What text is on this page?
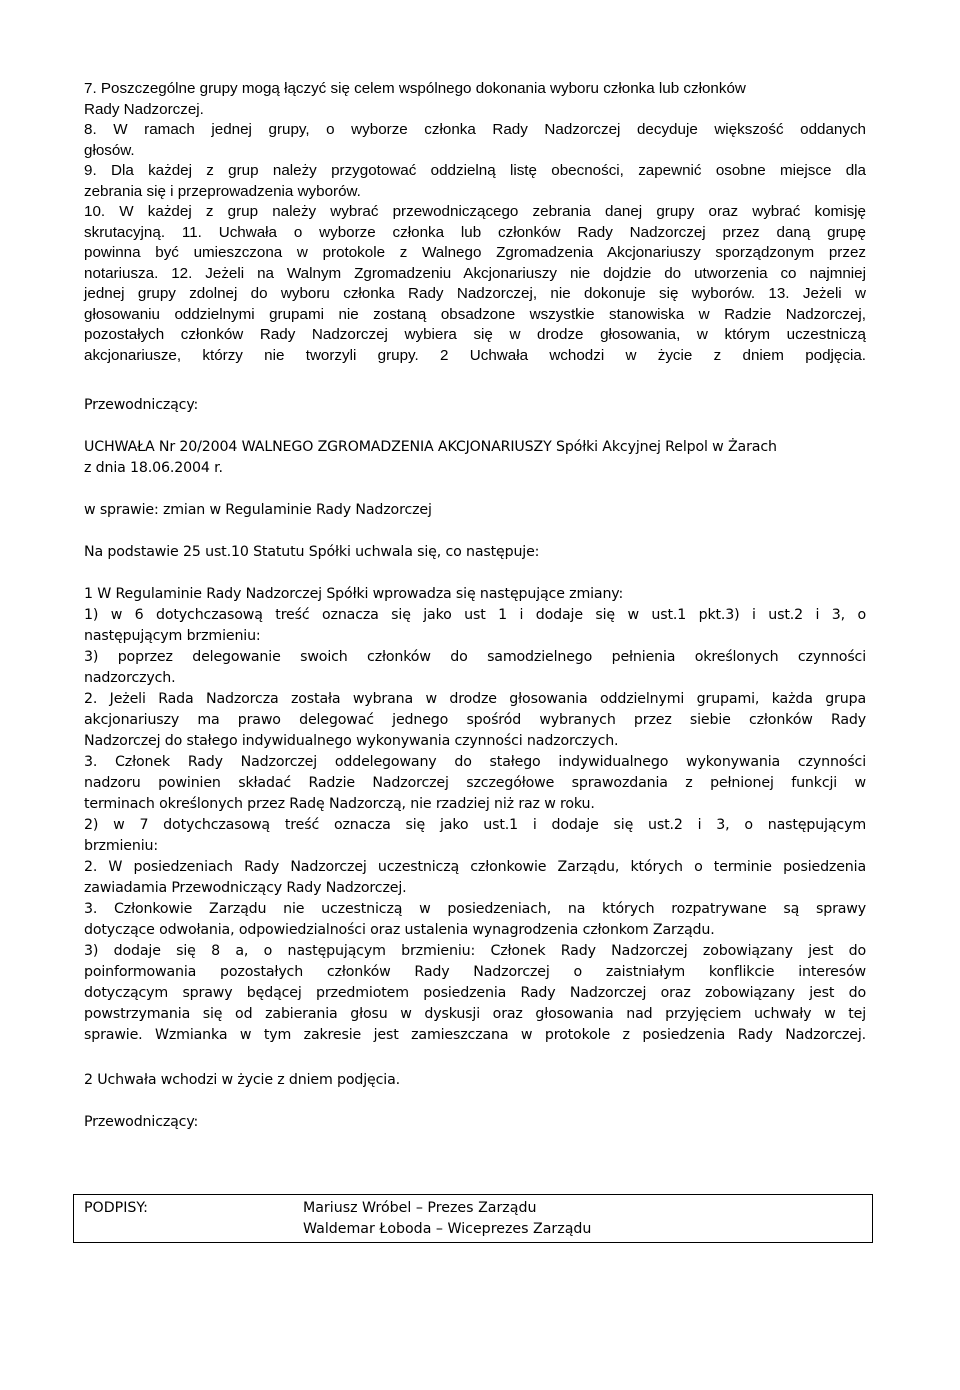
7. Poszczególne grupy mogą łączyć się celem wspólnego dokonania wyboru członka lub członków
Rady Nadzorczej.
8. W ramach jednej grupy, o wyborze członka Rady Nadzorczej decyduje większość oddanych
głosów.
9. Dla każdej z grup należy przygotować oddzielną listę obecności, zapewnić osobne miejsce dla
zebrania się i przeprowadzenia wyborów.
10. W każdej z grup należy wybrać przewodniczącego zebrania danej grupy oraz wybrać komisję
skrutacyjną. 11. Uchwała o wyborze członka lub członków Rady Nadzorczej przez daną grupę
powinna być umieszczona w protokole z Walnego Zgromadzenia Akcjonariuszy sporządzonym przez
notariusza. 12. Jeżeli na Walnym Zgromadzeniu Akcjonariuszy nie dojdzie do utworzenia co najmniej
jednej grupy zdolnej do wyboru członka Rady Nadzorczej, nie dokonuje się wyborów. 13. Jeżeli w
głosowaniu oddzielnymi grupami nie zostaną obsadzone wszystkie stanowiska w Radzie Nadzorczej,
pozostałych członków Rady Nadzorczej wybiera się w drodze głosowania, w którym uczestniczą
akcjonariusze, którzy nie tworzyli grupy. 2 Uchwała wchodzi w życie z dniem podjęcia.
Przewodniczący:
UCHWAŁA Nr 20/2004 WALNEGO ZGROMADZENIA AKCJONARIUSZY Spółki Akcyjnej Relpol w Żarach
z dnia 18.06.2004 r.
w sprawie: zmian w Regulaminie Rady Nadzorczej
Na podstawie 25 ust.10 Statutu Spółki uchwala się, co następuje:
1 W Regulaminie Rady Nadzorczej Spółki wprowadza się następujące zmiany:
1) w 6 dotychczasową treść oznacza się jako ust 1 i dodaje się w ust.1 pkt.3) i ust.2 i 3, o
następującym brzmieniu:
3) poprzez delegowanie swoich członków do samodzielnego pełnienia określonych czynności
nadzorczych.
2. Jeżeli Rada Nadzorcza została wybrana w drodze głosowania oddzielnymi grupami, każda grupa
akcjonariuszy ma prawo delegować jednego spośród wybranych przez siebie członków Rady
Nadzorczej do stałego indywidualnego wykonywania czynności nadzorczych.
3. Członek Rady Nadzorczej oddelegowany do stałego indywidualnego wykonywania czynności
nadzoru powinien składać Radzie Nadzorczej szczegółowe sprawozdania z pełnionej funkcji w
terminach określonych przez Radę Nadzorczą, nie rzadziej niż raz w roku.
2) w 7 dotychczasową treść oznacza się jako ust.1 i dodaje się ust.2 i 3, o następującym
brzmieniu:
2. W posiedzeniach Rady Nadzorczej uczestniczą członkowie Zarządu, których o terminie posiedzenia
zawiadamia Przewodniczący Rady Nadzorczej.
3. Członkowie Zarządu nie uczestniczą w posiedzeniach, na których rozpatrywane są sprawy
dotyczące odwołania, odpowiedzialności oraz ustalenia wynagrodzenia członkom Zarządu.
3) dodaje się 8 a, o następującym brzmieniu: Członek Rady Nadzorczej zobowiązany jest do
poinformowania pozostałych członków Rady Nadzorczej o zaistniałym konflikcie interesów
dotyczącym sprawy będącej przedmiotem posiedzenia Rady Nadzorczej oraz zobowiązany jest do
powstrzymania się od zabierania głosu w dyskusji oraz głosowania nad przyjęciem uchwały w tej
sprawie. Wzmianka w tym zakresie jest zamieszczana w protokole z posiedzenia Rady Nadzorczej.
2 Uchwała wchodzi w życie z dniem podjęcia.
Przewodniczący:
PODPISY:	Mariusz Wróbel – Prezes Zarządu
Waldemar Łoboda – Wiceprezes Zarządu
